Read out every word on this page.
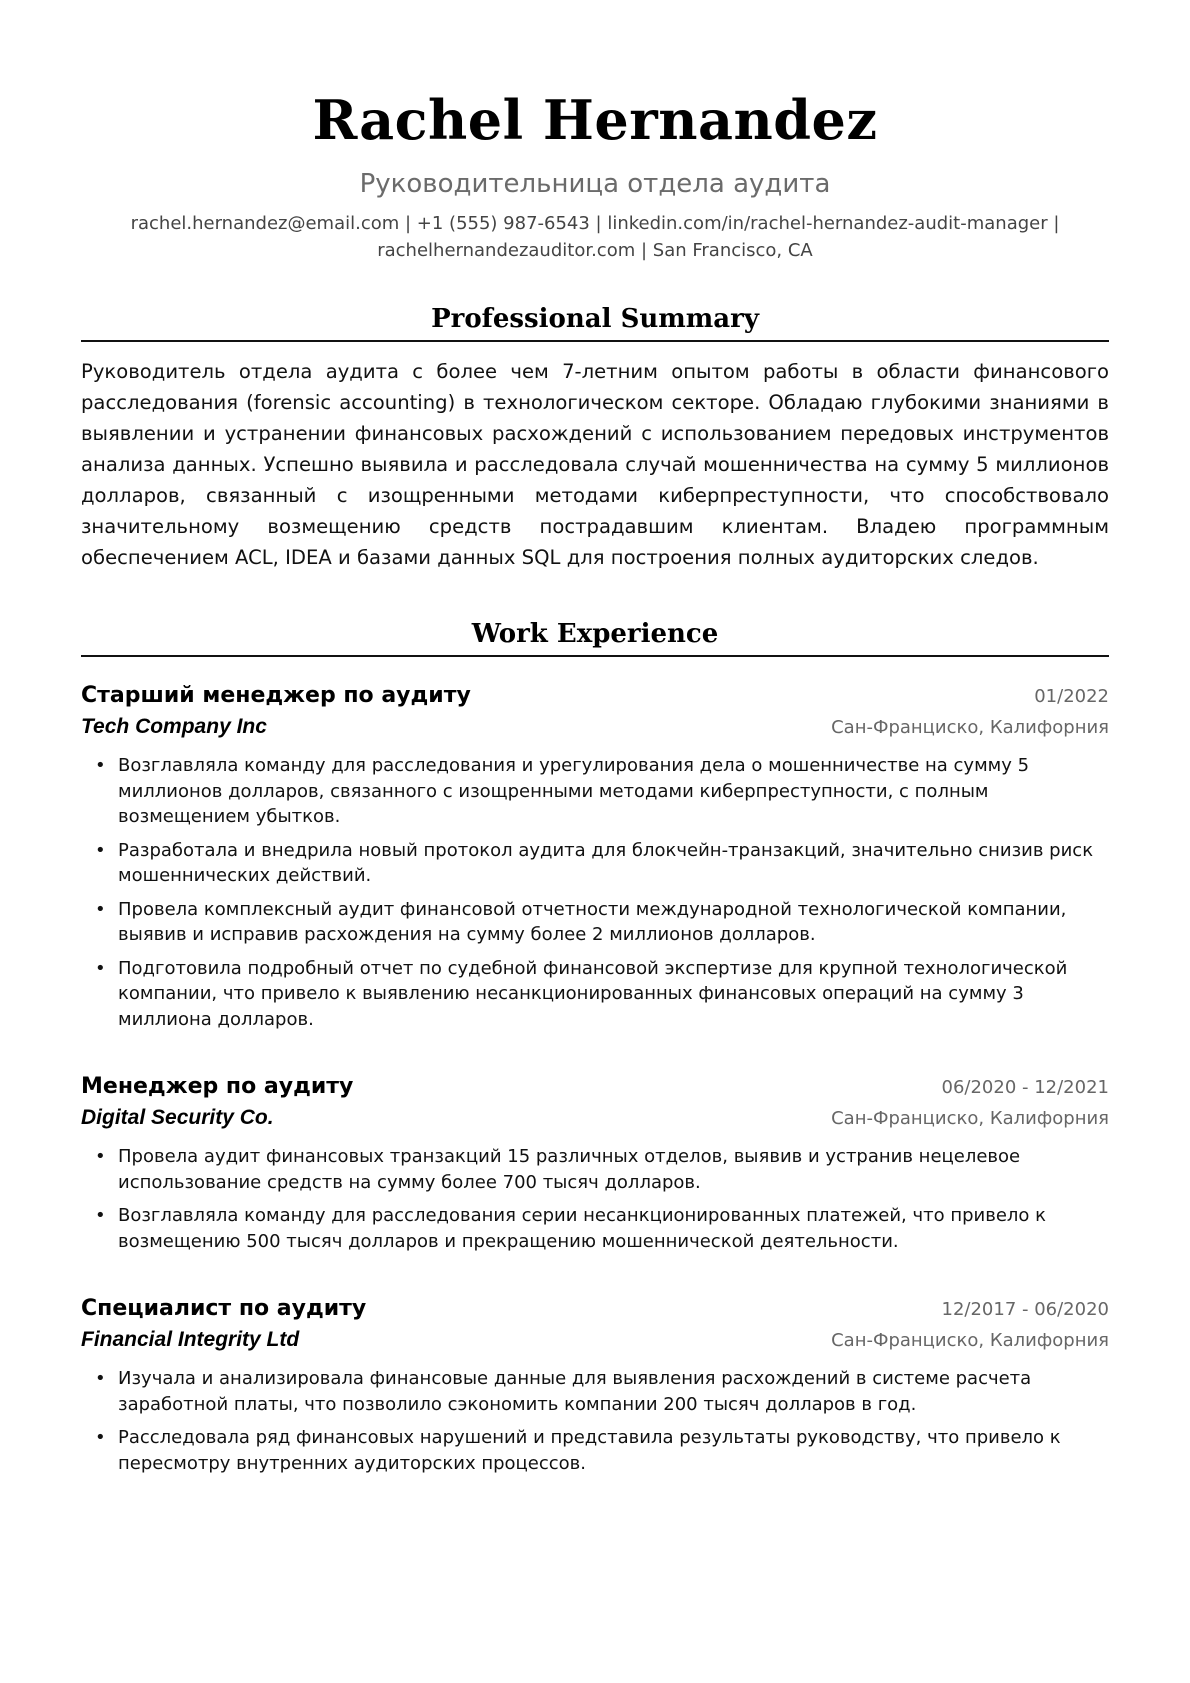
Rachel Hernandez
Руководительница отдела аудита
rachel.hernandez@email.com | +1 (555) 987-6543 | linkedin.com/in/rachel-hernandez-audit-manager |
rachelhernandezauditor.com | San Francisco, CA
Professional Summary

Руководитель отдела аудита с более чем 7-летним опытом работы в области финансового расследования (forensic accounting) в технологическом секторе. Обладаю глубокими знаниями в выявлении и устранении финансовых расхождений с использованием передовых инструментов анализа данных. Успешно выявила и расследовала случай мошенничества на сумму 5 миллионов долларов, связанный с изощренными методами киберпреступности, что способствовало значительному возмещению средств пострадавшим клиентам. Владею программным обеспечением ACL, IDEA и базами данных SQL для построения полных аудиторских следов.

Work Experience
Старший менеджер по аудиту	01/2022
Tech Company Inc	Сан-Франциско, Калифорния
• Возглавляла команду для расследования и урегулирования дела о мошенничестве на сумму 5 миллионов долларов, связанного с изощренными методами киберпреступности, с полным возмещением убытков.
• Разработала и внедрила новый протокол аудита для блокчейн-транзакций, значительно снизив риск мошеннических действий.
• Провела комплексный аудит финансовой отчетности международной технологической компании, выявив и исправив расхождения на сумму более 2 миллионов долларов.
• Подготовила подробный отчет по судебной финансовой экспертизе для крупной технологической компании, что привело к выявлению несанкционированных финансовых операций на сумму 3 миллиона долларов.
Менеджер по аудиту	06/2020 - 12/2021
Digital Security Co.	Сан-Франциско, Калифорния
• Провела аудит финансовых транзакций 15 различных отделов, выявив и устранив нецелевое использование средств на сумму более 700 тысяч долларов.
• Возглавляла команду для расследования серии несанкционированных платежей, что привело к возмещению 500 тысяч долларов и прекращению мошеннической деятельности.
Специалист по аудиту	12/2017 - 06/2020
Financial Integrity Ltd	Сан-Франциско, Калифорния
• Изучала и анализировала финансовые данные для выявления расхождений в системе расчета заработной платы, что позволило сэкономить компании 200 тысяч долларов в год.
• Расследовала ряд финансовых нарушений и представила результаты руководству, что привело к пересмотру внутренних аудиторских процессов.
